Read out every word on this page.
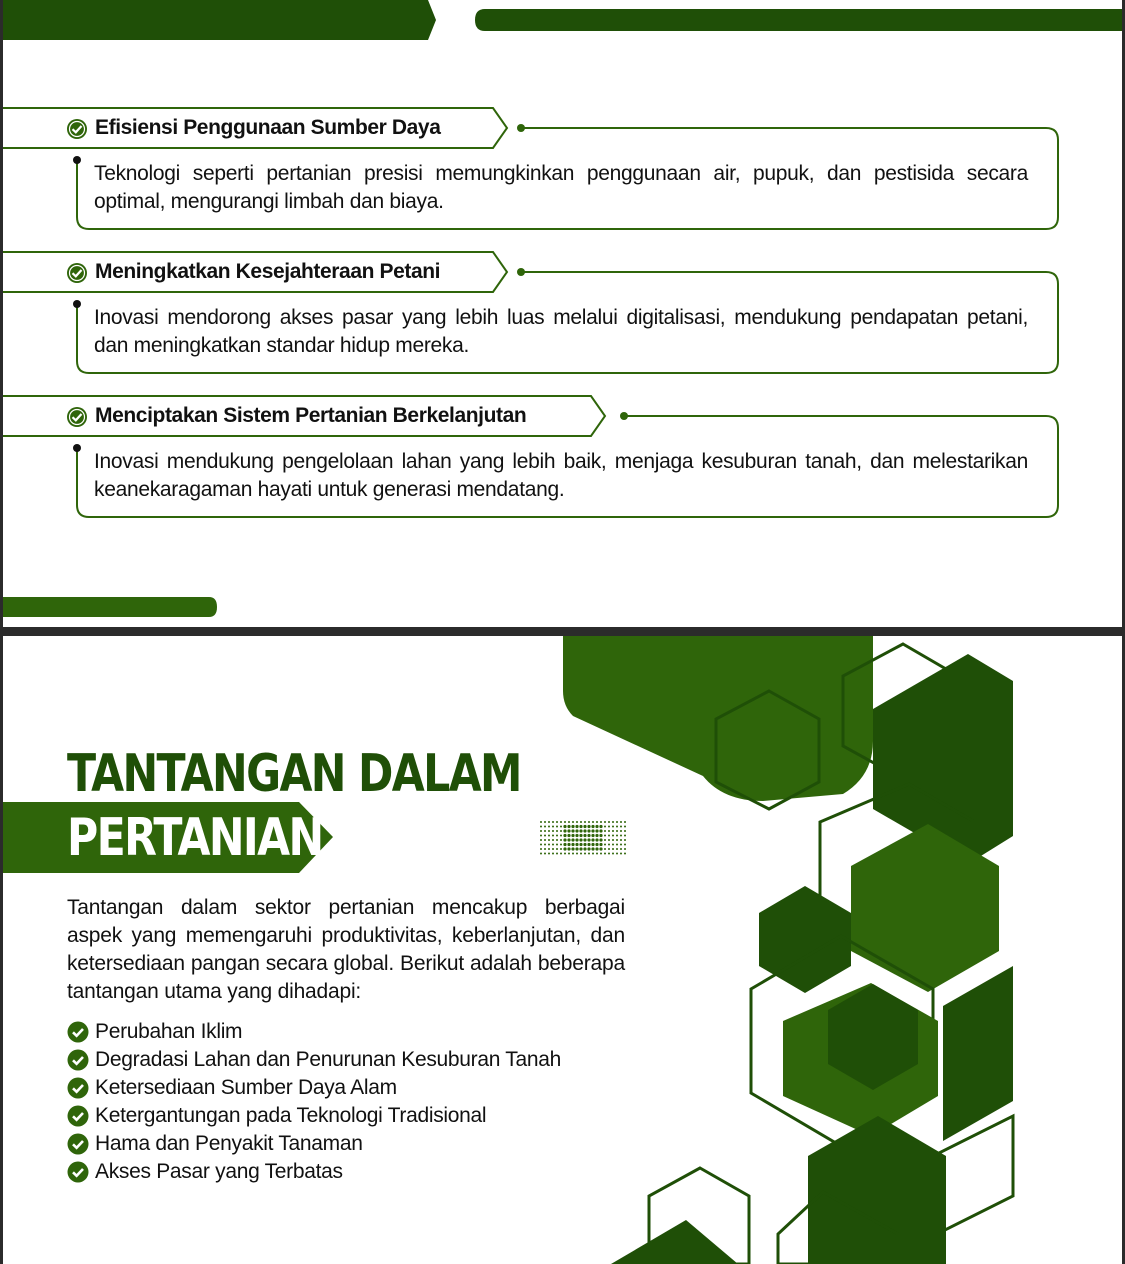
Efisiensi Penggunaan Sumber Daya
Teknologi seperti pertanian presisi memungkinkan penggunaan air, pupuk, dan pestisida secara optimal, mengurangi limbah dan biaya.
Meningkatkan Kesejahteraan Petani
Inovasi mendorong akses pasar yang lebih luas melalui digitalisasi, mendukung pendapatan petani, dan meningkatkan standar hidup mereka.
Menciptakan Sistem Pertanian Berkelanjutan
Inovasi mendukung pengelolaan lahan yang lebih baik, menjaga kesuburan tanah, dan melestarikan keanekaragaman hayati untuk generasi mendatang.
TANTANGAN DALAM
PERTANIAN
Tantangan dalam sektor pertanian mencakup berbagai aspek yang memengaruhi produktivitas, keberlanjutan, dan ketersediaan pangan secara global. Berikut adalah beberapa tantangan utama yang dihadapi:
Perubahan Iklim
Degradasi Lahan dan Penurunan Kesuburan Tanah
Ketersediaan Sumber Daya Alam
Ketergantungan pada Teknologi Tradisional
Hama dan Penyakit Tanaman
Akses Pasar yang Terbatas
